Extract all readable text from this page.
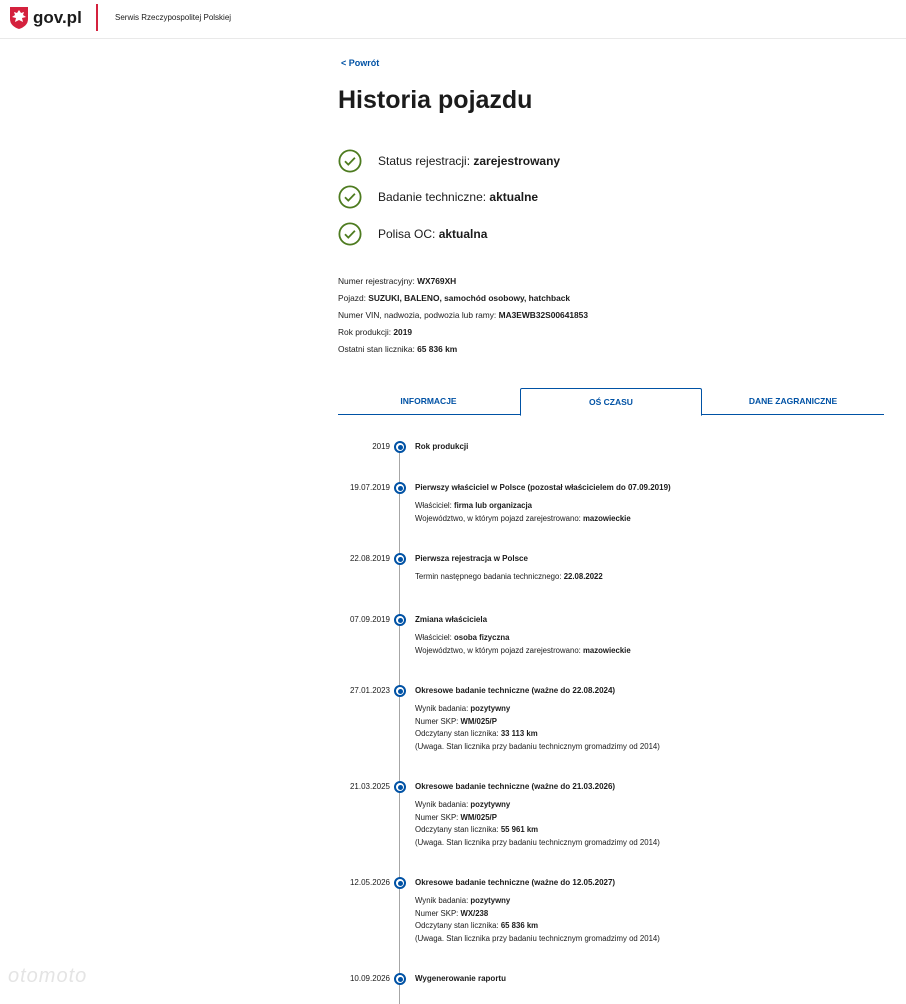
gov.pl	Serwis Rzeczypospolitej Polskiej
< Powrót
Historia pojazdu
Status rejestracji: zarejestrowany
Badanie techniczne: aktualne
Polisa OC: aktualna
Numer rejestracyjny: WX769XH
Pojazd: SUZUKI, BALENO, samochód osobowy, hatchback
Numer VIN, nadwozia, podwozia lub ramy: MA3EWB32S00641853
Rok produkcji: 2019
Ostatni stan licznika: 65 836 km
INFORMACJE	OŚ CZASU	DANE ZAGRANICZNE
2019	Rok produkcji
19.07.2019	Pierwszy właściciel w Polsce (pozostał właścicielem do 07.09.2019)
Właściciel: firma lub organizacja
Województwo, w którym pojazd zarejestrowano: mazowieckie
22.08.2019	Pierwsza rejestracja w Polsce
Termin następnego badania technicznego: 22.08.2022
07.09.2019	Zmiana właściciela
Właściciel: osoba fizyczna
Województwo, w którym pojazd zarejestrowano: mazowieckie
27.01.2023	Okresowe badanie techniczne (ważne do 22.08.2024)
Wynik badania: pozytywny
Numer SKP: WM/025/P
Odczytany stan licznika: 33 113 km
(Uwaga. Stan licznika przy badaniu technicznym gromadzimy od 2014)
21.03.2025	Okresowe badanie techniczne (ważne do 21.03.2026)
Wynik badania: pozytywny
Numer SKP: WM/025/P
Odczytany stan licznika: 55 961 km
(Uwaga. Stan licznika przy badaniu technicznym gromadzimy od 2014)
12.05.2026	Okresowe badanie techniczne (ważne do 12.05.2027)
Wynik badania: pozytywny
Numer SKP: WX/238
Odczytany stan licznika: 65 836 km
(Uwaga. Stan licznika przy badaniu technicznym gromadzimy od 2014)
10.09.2026	Wygenerowanie raportu
otomoto
